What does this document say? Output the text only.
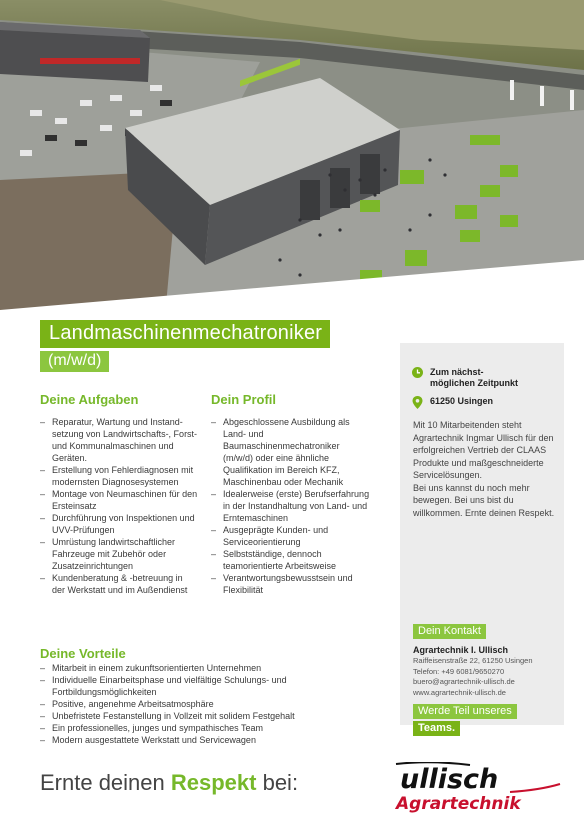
Landmaschinenmechatroniker
(m/w/d)
Deine Aufgaben
– Reparatur, Wartung und Instand-setzung von Landwirtschafts-, Forst- und Kommunalmaschinen und Geräten.
– Erstellung von Fehlerdiagnosen mit modernsten Diagnosesystemen
– Montage von Neumaschinen für den Ersteinsatz
– Durchführung von Inspektionen und UVV-Prüfungen
– Umrüstung landwirtschaftlicher Fahrzeuge mit Zubehör oder Zusatzeinrichtungen
– Kundenberatung & -betreuung in der Werkstatt und im Außendienst
Dein Profil
– Abgeschlossene Ausbildung als Land- und Baumaschinenmechatroniker (m/w/d) oder eine ähnliche Qualifikation im Bereich KFZ, Maschinenbau oder Mechanik
– Idealerweise (erste) Berufserfahrung in der Instandhaltung von Land- und Erntemaschinen
– Ausgeprägte Kunden- und Serviceorientierung
– Selbstständige, dennoch teamorientierte Arbeitsweise
– Verantwortungsbewusstsein und Flexibilität
Deine Vorteile
– Mitarbeit in einem zukunftsorientierten Unternehmen
– Individuelle Einarbeitsphase und vielfältige Schulungs- und Fortbildungsmöglichkeiten
– Positive, angenehme Arbeitsatmosphäre
– Unbefristete Festanstellung in Vollzeit mit solidem Festgehalt
– Ein professionelles, junges und sympathisches Team
– Modern ausgestattete Werkstatt und Servicewagen
Zum nächst-
möglichen Zeitpunkt
61250 Usingen
Mit 10 Mitarbeitenden steht Agrartechnik Ingmar Ullisch für den erfolgreichen Vertrieb der CLAAS Produkte und maßgeschneiderte Servicelösungen.
Bei uns kannst du noch mehr bewegen. Bei uns bist du willkommen. Ernte deinen Respekt.
Dein Kontakt
Agrartechnik I. Ullisch
Raiffeisenstraße 22, 61250 Usingen
Telefon: +49 6081/9650270
buero@agrartechnik-ullisch.de
www.agrartechnik-ullisch.de
Werde Teil unseres
Teams.
Ernte deinen Respekt bei:	ullisch
Agrartechnik
